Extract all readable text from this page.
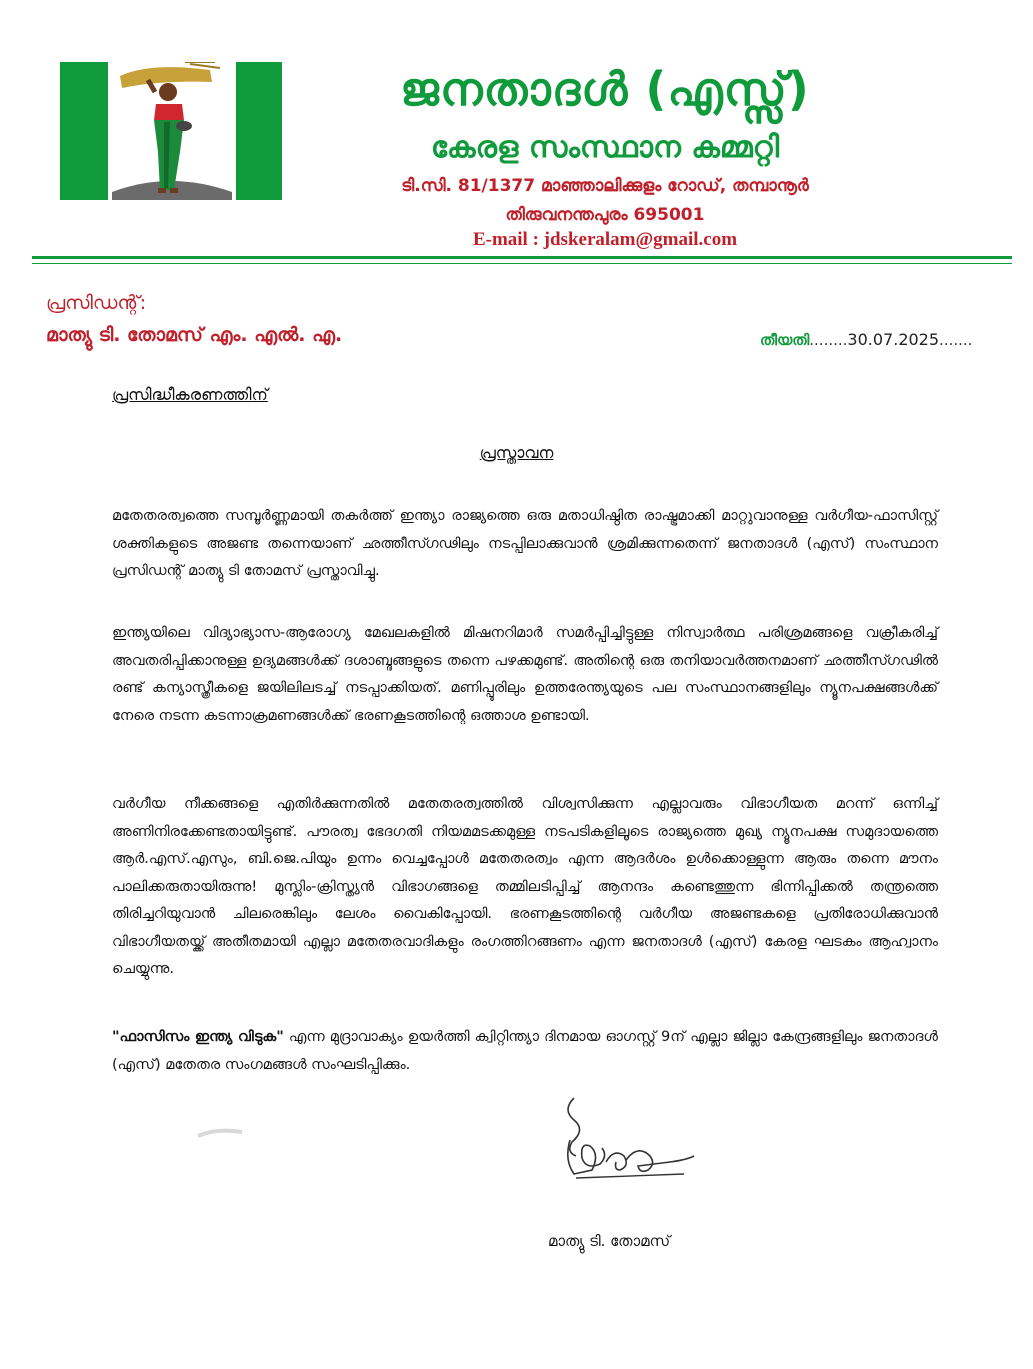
ജനതാദൾ (എസ്സ്)
കേരള സംസ്ഥാന കമ്മറ്റി
ടി.സി. 81/1377 മാഞ്ഞാലിക്കുളം റോഡ്, തമ്പാനൂർ
തിരുവനന്തപുരം 695001
E-mail : jdskeralam@gmail.com
പ്രസിഡന്റ്:
മാത്യു ടി. തോമസ് എം. എൽ. എ.	തീയതി........30.07.2025.......
പ്രസിദ്ധീകരണത്തിന്
പ്രസ്താവന
മതേതരത്വത്തെ സമ്പൂർണ്ണമായി തകർത്ത് ഇന്ത്യാ രാജ്യത്തെ ഒരു മതാധിഷ്ഠിത രാഷ്ട്രമാക്കി മാറ്റുവാനുള്ള വർഗീയ-ഫാസിസ്റ്റ് ശക്തികളുടെ അജണ്ട തന്നെയാണ് ഛത്തീസ്ഗഢിലും നടപ്പിലാക്കുവാൻ ശ്രമിക്കുന്നതെന്ന് ജനതാദൾ (എസ്) സംസ്ഥാന പ്രസിഡന്റ് മാത്യു ടി തോമസ് പ്രസ്താവിച്ചു.
ഇന്ത്യയിലെ വിദ്യാഭ്യാസ-ആരോഗ്യ മേഖലകളിൽ മിഷനറിമാർ സമർപ്പിച്ചിട്ടുള്ള നിസ്വാർത്ഥ പരിശ്രമങ്ങളെ വക്രീകരിച്ച് അവതരിപ്പിക്കാനുള്ള ഉദ്യമങ്ങൾക്ക് ദശാബ്ദങ്ങളുടെ തന്നെ പഴക്കമുണ്ട്. അതിന്റെ ഒരു തനിയാവർത്തനമാണ് ഛത്തീസ്ഗഢിൽ രണ്ട് കന്യാസ്ത്രീകളെ ജയിലിലടച്ച് നടപ്പാക്കിയത്. മണിപ്പൂരിലും ഉത്തരേന്ത്യയുടെ പല സംസ്ഥാനങ്ങളിലും ന്യൂനപക്ഷങ്ങൾക്ക് നേരെ നടന്ന കടന്നാക്രമണങ്ങൾക്ക് ഭരണകൂടത്തിന്റെ ഒത്താശ ഉണ്ടായി.
വർഗീയ നീക്കങ്ങളെ എതിർക്കുന്നതിൽ മതേതരത്വത്തിൽ വിശ്വസിക്കുന്ന എല്ലാവരും വിഭാഗീയത മറന്ന് ഒന്നിച്ച് അണിനിരക്കേണ്ടതായിട്ടുണ്ട്. പൗരത്വ ഭേദഗതി നിയമമടക്കമുള്ള നടപടികളിലൂടെ രാജ്യത്തെ മുഖ്യ ന്യൂനപക്ഷ സമുദായത്തെ ആർ.എസ്.എസും, ബി.ജെ.പിയും ഉന്നം വെച്ചപ്പോൾ മതേതരത്വം എന്ന ആദർശം ഉൾക്കൊള്ളുന്ന ആരും തന്നെ മൗനം പാലിക്കരുതായിരുന്നു! മുസ്ലിം-ക്രിസ്ത്യൻ വിഭാഗങ്ങളെ തമ്മിലടിപ്പിച്ച് ആനന്ദം കണ്ടെത്തുന്ന ഭിന്നിപ്പിക്കൽ തന്ത്രത്തെ തിരിച്ചറിയുവാൻ ചിലരെങ്കിലും ലേശം വൈകിപ്പോയി. ഭരണകൂടത്തിന്റെ വർഗീയ അജണ്ടകളെ പ്രതിരോധിക്കുവാൻ വിഭാഗീയതയ്ക്ക് അതീതമായി എല്ലാ മതേതരവാദികളും രംഗത്തിറങ്ങണം എന്ന ജനതാദൾ (എസ്) കേരള ഘടകം ആഹ്വാനം ചെയ്യുന്നു.
"ഫാസിസം ഇന്ത്യ വിടുക" എന്ന മുദ്രാവാക്യം ഉയർത്തി ക്വിറ്റിന്ത്യാ ദിനമായ ഓഗസ്റ്റ് 9ന് എല്ലാ ജില്ലാ കേന്ദ്രങ്ങളിലും ജനതാദൾ (എസ്) മതേതര സംഗമങ്ങൾ സംഘടിപ്പിക്കും.
മാത്യു ടി. തോമസ്
